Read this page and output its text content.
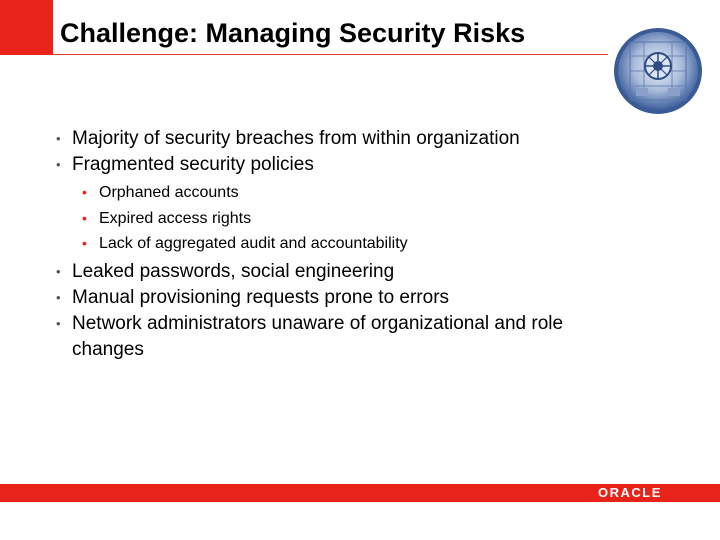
Challenge: Managing Security Risks
• Majority of security breaches from within organization
• Fragmented security policies
• Orphaned accounts
• Expired access rights
• Lack of aggregated audit and accountability
• Leaked passwords, social engineering
• Manual provisioning requests prone to errors
• Network administrators unaware of organizational and role changes
ORACLE
